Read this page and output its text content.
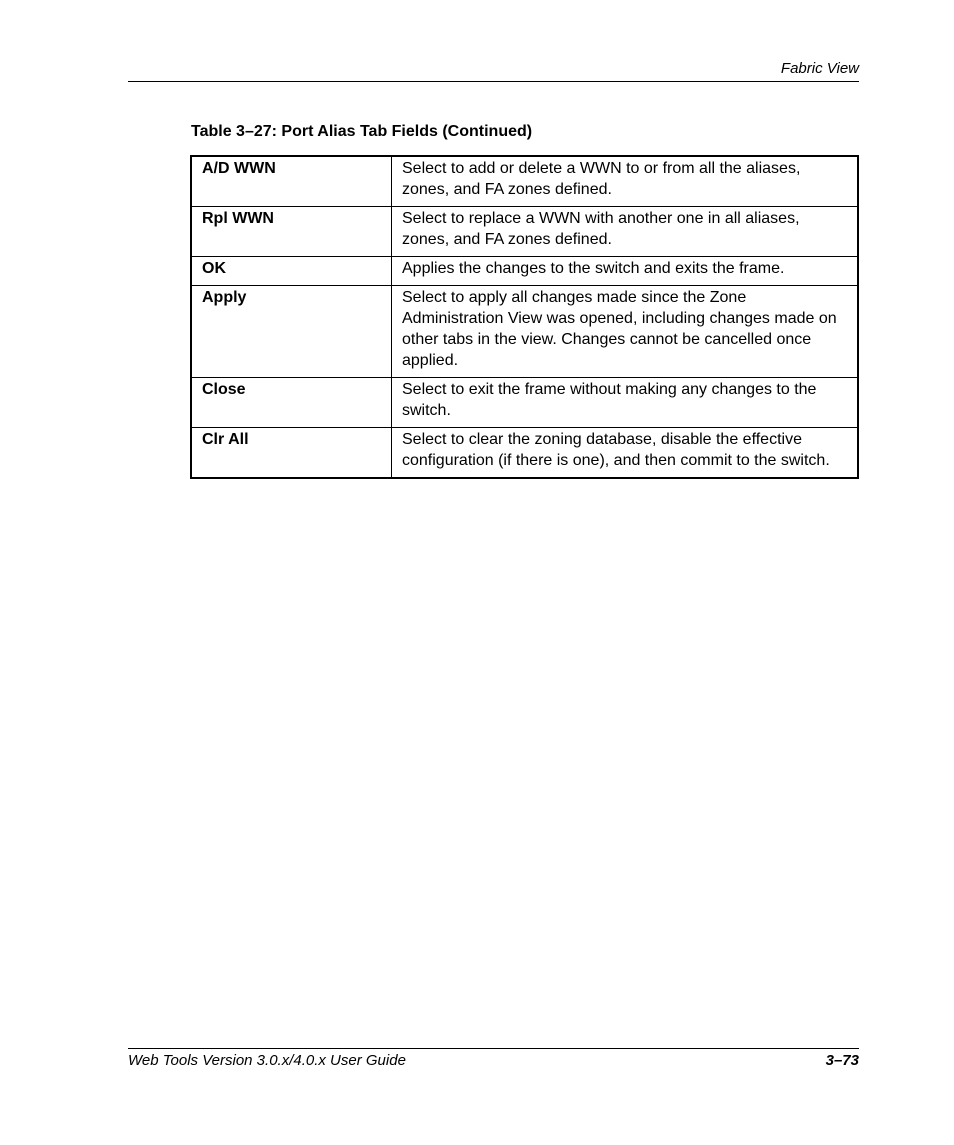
Fabric View
Table 3–27: Port Alias Tab Fields (Continued)
A/D WWN	Select to add or delete a WWN to or from all the aliases, zones, and FA zones defined.
Rpl WWN	Select to replace a WWN with another one in all aliases, zones, and FA zones defined.
OK	Applies the changes to the switch and exits the frame.
Apply	Select to apply all changes made since the Zone Administration View was opened, including changes made on other tabs in the view. Changes cannot be cancelled once applied.
Close	Select to exit the frame without making any changes to the switch.
Clr All	Select to clear the zoning database, disable the effective configuration (if there is one), and then commit to the switch.
Web Tools Version 3.0.x/4.0.x User Guide	3–73
